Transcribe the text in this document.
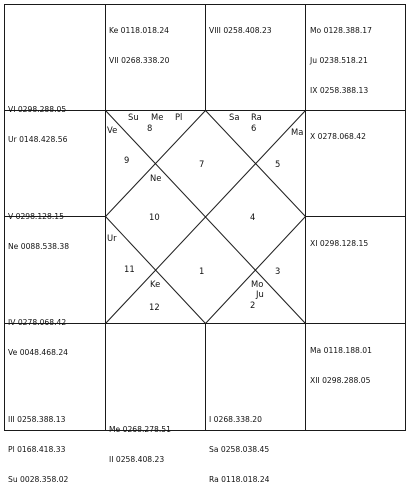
VI 0298.288.05

Ur 0148.428.56

Ke 0118.018.24

VII 0268.338.20

VIII 0258.408.23

	Mo 0128.388.17

Ju 0238.518.21

IX 0258.388.13

X 0278.068.42

XI 0298.128.15

V 0298.128.15

Ne 0088.538.38

IV 0278.068.42

Ve 0048.468.24

III 0258.388.13

Pl 0168.418.33

Su 0028.358.02

Me 0268.278.51

II 0258.408.23

I 0268.338.20

Sa 0258.038.45

Ra 0118.018.24

Ma 0118.188.01

XII 0298.288.05

1
2
3
4
5
6
7
8
9
10
11
12
Su Me Pl
Ve
Sa Ra
Ma
Ne
Ur
Ke	Mo
Ju
